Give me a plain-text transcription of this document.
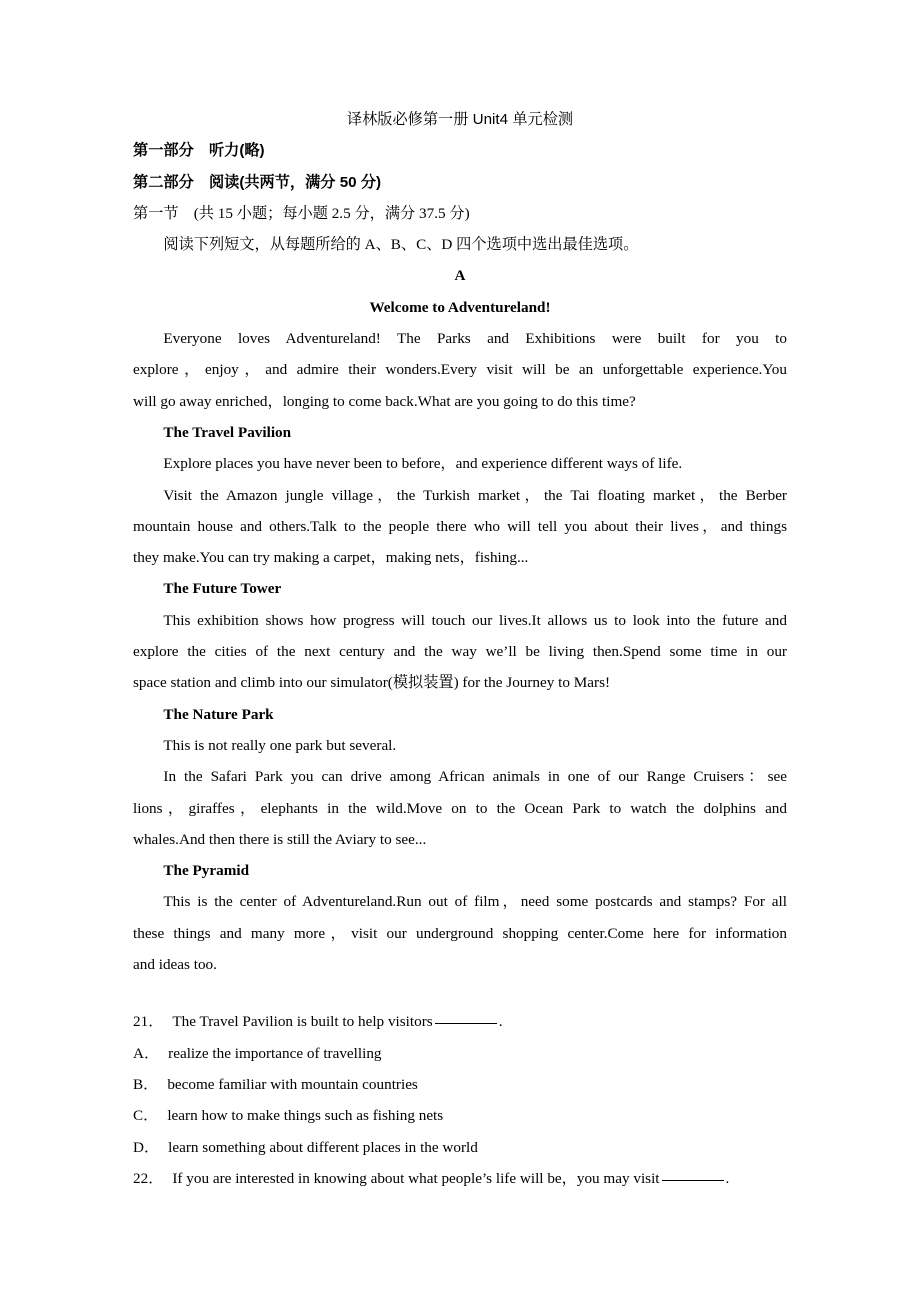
译林版必修第一册 Unit4 单元检测
第一部分　听力(略)
第二部分　阅读(共两节，满分 50 分)
第一节　(共 15 小题；每小题 2.5 分，满分 37.5 分)
阅读下列短文，从每题所给的 A、B、C、D 四个选项中选出最佳选项。
A
Welcome to Adventureland!
Everyone loves Adventureland! The Parks and Exhibitions were built for you to
explore，enjoy，and admire their wonders.Every visit will be an unforgettable experience.You
will go away enriched，longing to come back.What are you going to do this time?
The Travel Pavilion
Explore places you have never been to before，and experience different ways of life.
Visit the Amazon jungle village，the Turkish market，the Tai floating market，the Berber
mountain house and others.Talk to the people there who will tell you about their lives，and things
they make.You can try making a carpet，making nets，fishing...
The Future Tower
This exhibition shows how progress will touch our lives.It allows us to look into the future and
explore the cities of the next century and the way we’ll be living then.Spend some time in our
space station and climb into our simulator(模拟装置) for the Journey to Mars!
The Nature Park
This is not really one park but several.
In the Safari Park you can drive among African animals in one of our Range Cruisers：see
lions，giraffes，elephants in the wild.Move on to the Ocean Park to watch the dolphins and
whales.And then there is still the Aviary to see...
The Pyramid
This is the center of Adventureland.Run out of film，need some postcards and stamps? For all
these things and many more，visit our underground shopping center.Come here for information
and ideas too.
21． The Travel Pavilion is built to help visitors	.
A． realize the importance of travelling
B． become familiar with mountain countries
C． learn how to make things such as fishing nets
D． learn something about different places in the world
22． If you are interested in knowing about what people’s life will be，you may visit	.
